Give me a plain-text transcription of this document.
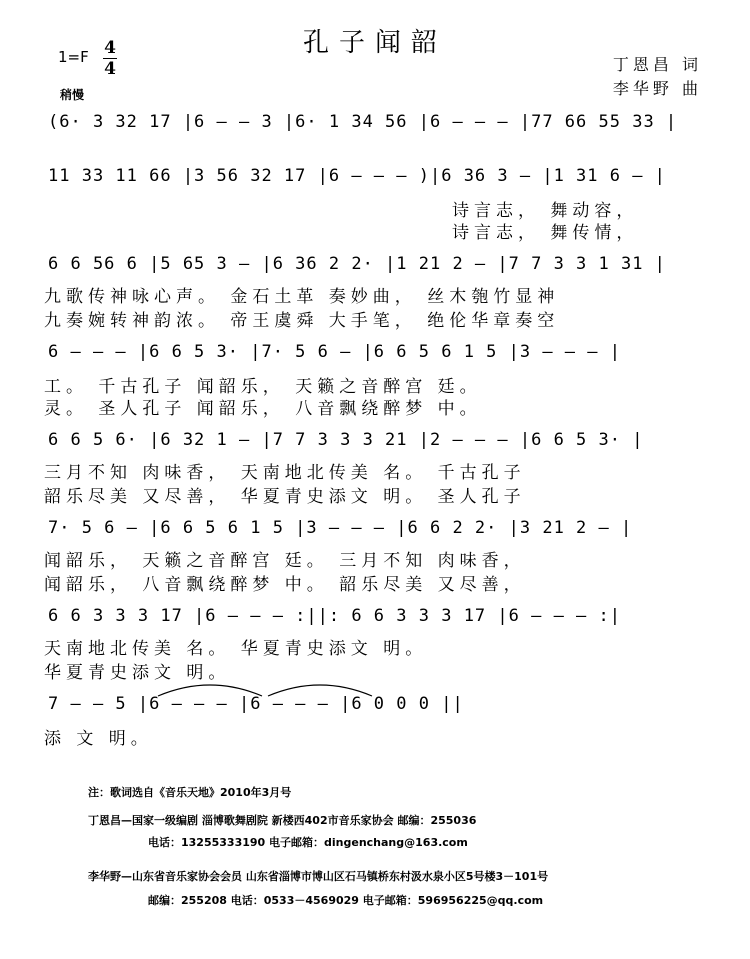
孔子闻韶
1=F 4
4
稍慢
丁恩昌 词
李华野 曲
(6· 3 32 17 |6 — — 3 |6· 1 34 56 |6 — — — |77 66 55 33 |
11 33 11 66 |3 56 32 17 |6 — — — )|6 36 3 — |1 31 6 — |
诗言志， 舞动容，
诗言志， 舞传情，
6 6 56 6 |5 65 3 — |6 36 2 2· |1 21 2 — |7 7 3 3 1 31 |
九歌传神咏心声。 金石土革 奏妙曲， 丝木匏竹显神
九奏婉转神韵浓。 帝王虞舜 大手笔， 绝伦华章奏空
6 — — — |6 6 5 3· |7· 5 6 — |6 6 5 6 1 5 |3 — — — |
工。 千古孔子 闻韶乐， 天籁之音醉宫 廷。
灵。 圣人孔子 闻韶乐， 八音飘绕醉梦 中。
6 6 5 6· |6 32 1 — |7 7 3 3 3 21 |2 — — — |6 6 5 3· |
三月不知 肉味香， 天南地北传美 名。 千古孔子
韶乐尽美 又尽善， 华夏青史添文 明。 圣人孔子
7· 5 6 — |6 6 5 6 1 5 |3 — — — |6 6 2 2· |3 21 2 — |
闻韶乐， 天籁之音醉宫 廷。 三月不知 肉味香，
闻韶乐， 八音飘绕醉梦 中。 韶乐尽美 又尽善，
6 6 3 3 3 17 |6 — — — :||: 6 6 3 3 3 17 |6 — — — :|
天南地北传美 名。 华夏青史添文 明。
华夏青史添文 明。
7 — — 5 |6 — — — |6 — — — |6 0 0 0 ||
添 文 明。
注：歌词选自《音乐天地》2010年3月号
丁恩昌—国家一级编剧 淄博歌舞剧院 新楼西402市音乐家协会 邮编：255036
电话：13255333190 电子邮箱：dingenchang@163.com
李华野—山东省音乐家协会会员 山东省淄博市博山区石马镇桥东村汲水泉小区5号楼3－101号
邮编：255208 电话：0533－4569029 电子邮箱：596956225@qq.com
